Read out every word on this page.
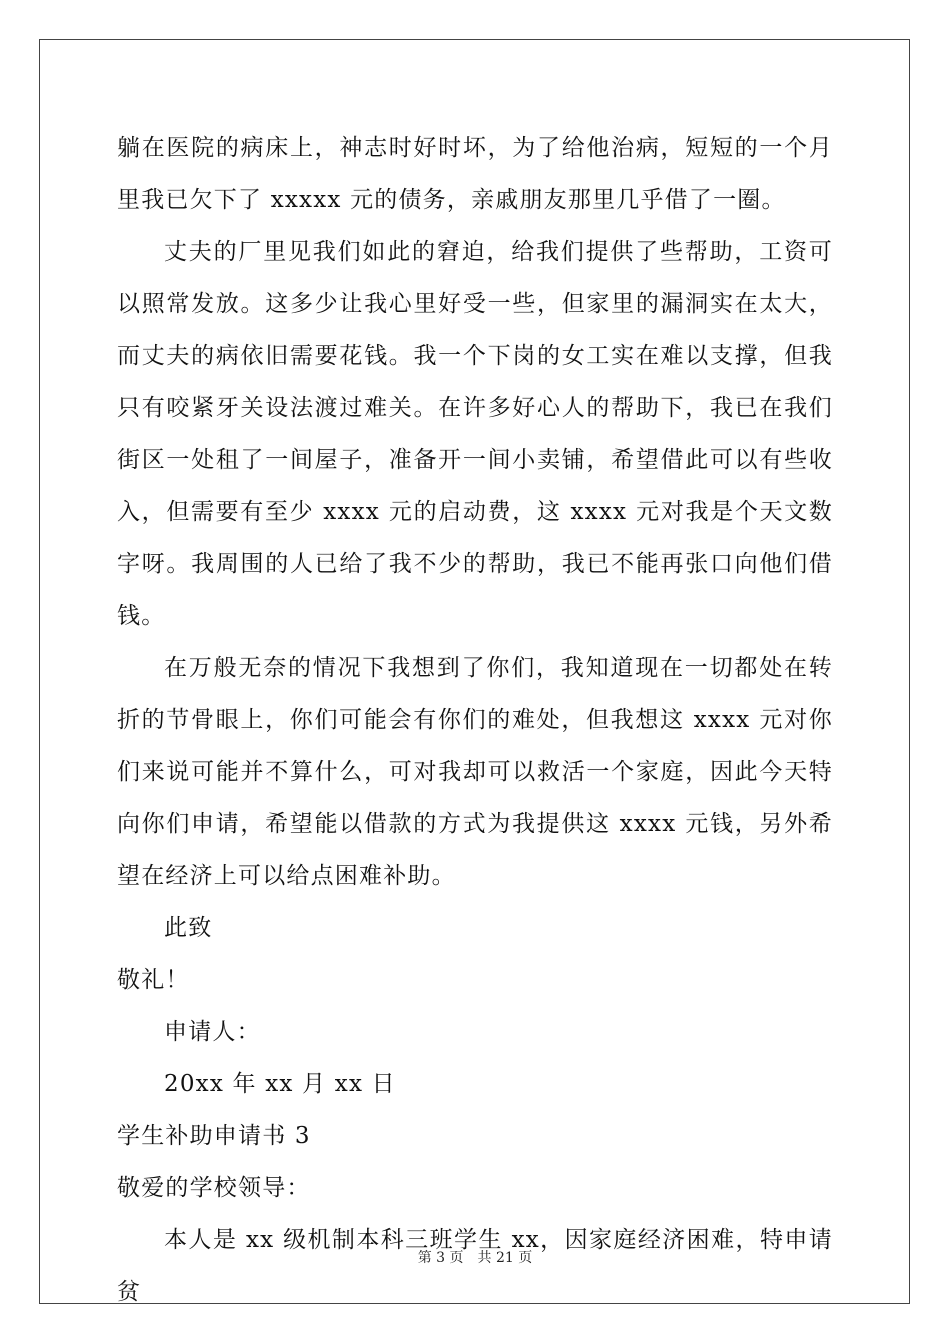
躺在医院的病床上，神志时好时坏，为了给他治病，短短的一个月里我已欠下了 xxxxx 元的债务，亲戚朋友那里几乎借了一圈。

丈夫的厂里见我们如此的窘迫，给我们提供了些帮助，工资可以照常发放。这多少让我心里好受一些，但家里的漏洞实在太大，而丈夫的病依旧需要花钱。我一个下岗的女工实在难以支撑，但我只有咬紧牙关设法渡过难关。在许多好心人的帮助下，我已在我们街区一处租了一间屋子，准备开一间小卖铺，希望借此可以有些收入，但需要有至少 xxxx 元的启动费，这 xxxx 元对我是个天文数字呀。我周围的人已给了我不少的帮助，我已不能再张口向他们借钱。

在万般无奈的情况下我想到了你们，我知道现在一切都处在转折的节骨眼上，你们可能会有你们的难处，但我想这 xxxx 元对你们来说可能并不算什么，可对我却可以救活一个家庭，因此今天特向你们申请，希望能以借款的方式为我提供这 xxxx 元钱，另外希望在经济上可以给点困难补助。

此致

敬礼！

申请人：

20xx 年 xx 月 xx 日

学生补助申请书 3

敬爱的学校领导：

本人是 xx 级机制本科三班学生 xx，因家庭经济困难，特申请贫

第 3 页 共 21 页
